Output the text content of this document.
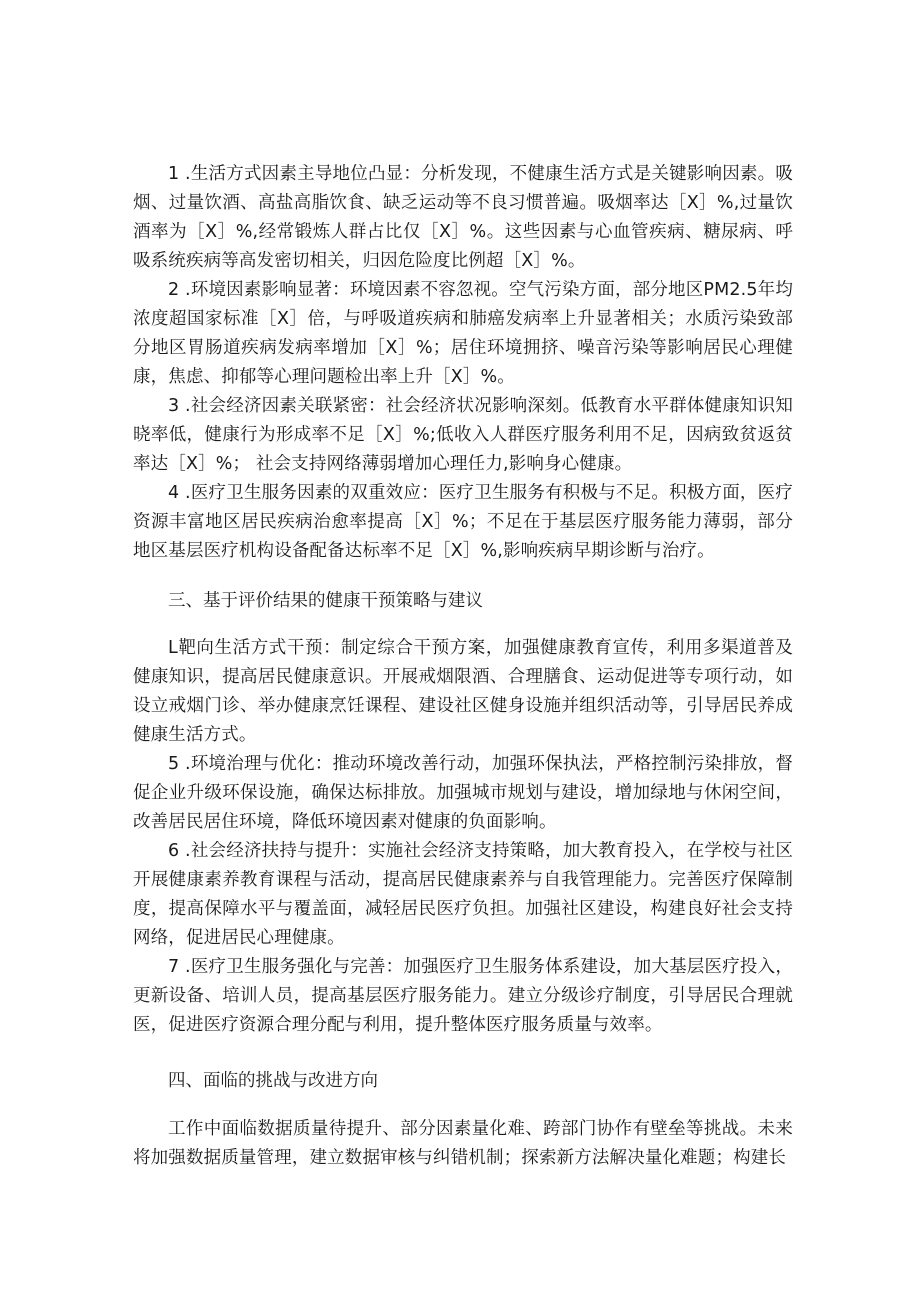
1 .生活方式因素主导地位凸显：分析发现，不健康生活方式是关键影响因素。吸烟、过量饮酒、高盐高脂饮食、缺乏运动等不良习惯普遍。吸烟率达［X］%,过量饮酒率为［X］%,经常锻炼人群占比仅［X］%。这些因素与心血管疾病、糖尿病、呼吸系统疾病等高发密切相关，归因危险度比例超［X］%。

2 .环境因素影响显著：环境因素不容忽视。空气污染方面，部分地区PM2.5年均浓度超国家标准［X］倍，与呼吸道疾病和肺癌发病率上升显著相关；水质污染致部分地区胃肠道疾病发病率增加［X］%；居住环境拥挤、噪音污染等影响居民心理健康，焦虑、抑郁等心理问题检出率上升［X］%。

3 .社会经济因素关联紧密：社会经济状况影响深刻。低教育水平群体健康知识知晓率低，健康行为形成率不足［X］%;低收入人群医疗服务利用不足，因病致贫返贫率达［X］%； 社会支持网络薄弱增加心理任力,影响身心健康。

4 .医疗卫生服务因素的双重效应：医疗卫生服务有积极与不足。积极方面，医疗资源丰富地区居民疾病治愈率提高［X］%；不足在于基层医疗服务能力薄弱，部分地区基层医疗机构设备配备达标率不足［X］%,影响疾病早期诊断与治疗。

三、基于评价结果的健康干预策略与建议

L靶向生活方式干预：制定综合干预方案，加强健康教育宣传，利用多渠道普及健康知识，提高居民健康意识。开展戒烟限酒、合理膳食、运动促进等专项行动，如设立戒烟门诊、举办健康烹饪课程、建设社区健身设施并组织活动等，引导居民养成健康生活方式。

5 .环境治理与优化：推动环境改善行动，加强环保执法，严格控制污染排放，督促企业升级环保设施，确保达标排放。加强城市规划与建设，增加绿地与休闲空间，改善居民居住环境，降低环境因素对健康的负面影响。

6 .社会经济扶持与提升：实施社会经济支持策略，加大教育投入，在学校与社区开展健康素养教育课程与活动，提高居民健康素养与自我管理能力。完善医疗保障制度，提高保障水平与覆盖面，减轻居民医疗负担。加强社区建设，构建良好社会支持网络，促进居民心理健康。

7 .医疗卫生服务强化与完善：加强医疗卫生服务体系建设，加大基层医疗投入，更新设备、培训人员，提高基层医疗服务能力。建立分级诊疗制度，引导居民合理就医，促进医疗资源合理分配与利用，提升整体医疗服务质量与效率。

四、面临的挑战与改进方向

工作中面临数据质量待提升、部分因素量化难、跨部门协作有壁垒等挑战。未来将加强数据质量管理，建立数据审核与纠错机制；探索新方法解决量化难题；构建长
